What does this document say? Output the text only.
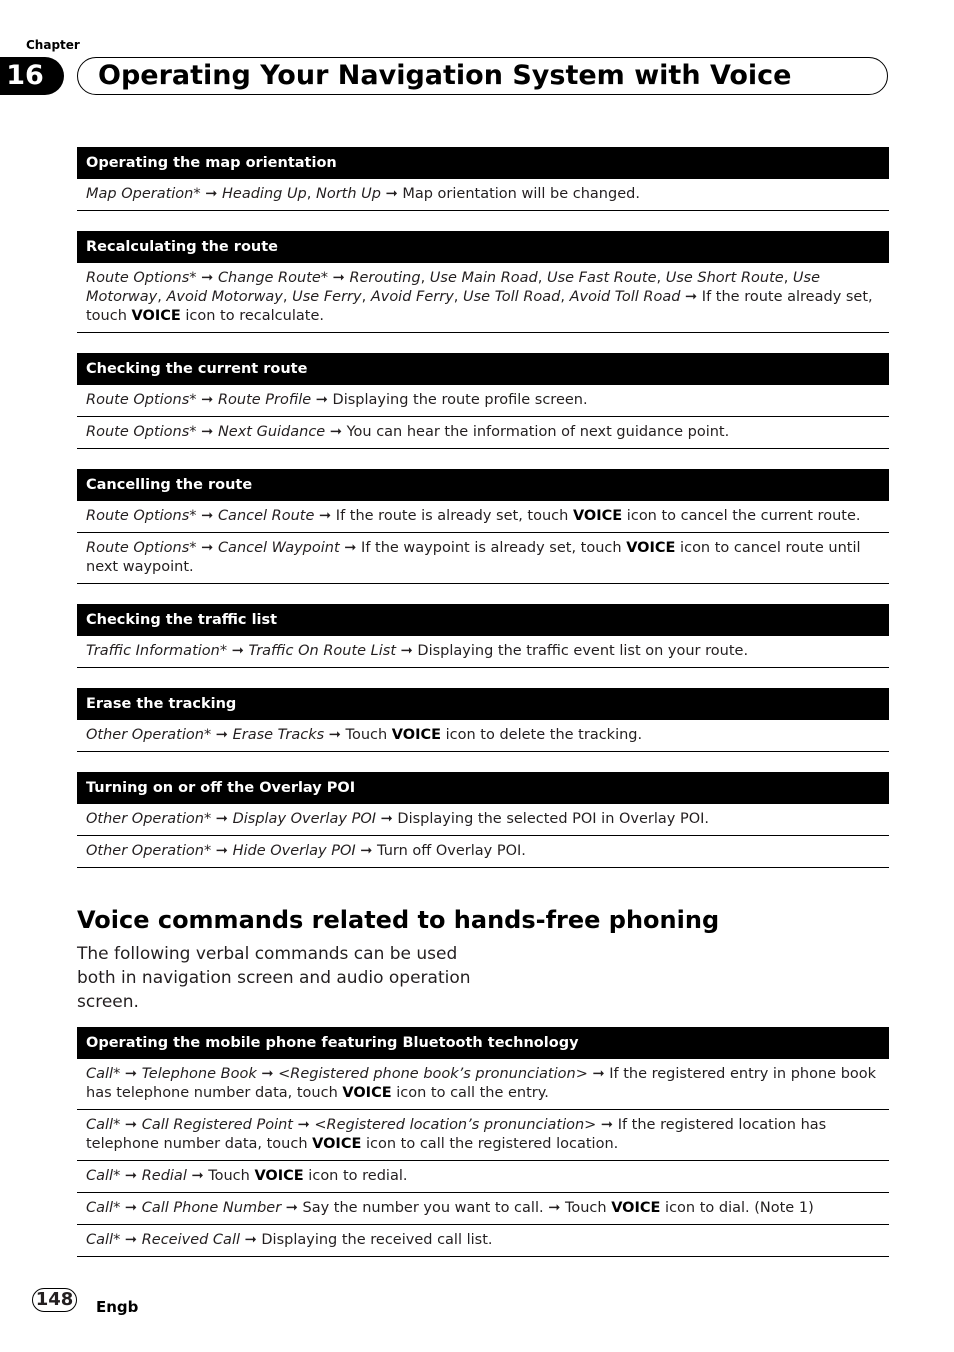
Chapter
16	Operating Your Navigation System with Voice
Operating the map orientation
Map Operation* ➞ Heading Up, North Up ➞ Map orientation will be changed.
Recalculating the route
Route Options* ➞ Change Route* ➞ Rerouting, Use Main Road, Use Fast Route, Use Short Route, Use Motorway, Avoid Motorway, Use Ferry, Avoid Ferry, Use Toll Road, Avoid Toll Road ➞ If the route already set, touch VOICE icon to recalculate.
Checking the current route
Route Options* ➞ Route Profile ➞ Displaying the route profile screen.
Route Options* ➞ Next Guidance ➞ You can hear the information of next guidance point.
Cancelling the route
Route Options* ➞ Cancel Route ➞ If the route is already set, touch VOICE icon to cancel the current route.
Route Options* ➞ Cancel Waypoint ➞ If the waypoint is already set, touch VOICE icon to cancel route until next waypoint.
Checking the traffic list
Traffic Information* ➞ Traffic On Route List ➞ Displaying the traffic event list on your route.
Erase the tracking
Other Operation* ➞ Erase Tracks ➞ Touch VOICE icon to delete the tracking.
Turning on or off the Overlay POI
Other Operation* ➞ Display Overlay POI ➞ Displaying the selected POI in Overlay POI.
Other Operation* ➞ Hide Overlay POI ➞ Turn off Overlay POI.
Voice commands related to hands-free phoning
The following verbal commands can be used both in navigation screen and audio operation screen.
Operating the mobile phone featuring Bluetooth technology
Call* ➞ Telephone Book ➞ <Registered phone book’s pronunciation> ➞ If the registered entry in phone book has telephone number data, touch VOICE icon to call the entry.
Call* ➞ Call Registered Point ➞ <Registered location’s pronunciation> ➞ If the registered location has telephone number data, touch VOICE icon to call the registered location.
Call* ➞ Redial ➞ Touch VOICE icon to redial.
Call* ➞ Call Phone Number ➞ Say the number you want to call. ➞ Touch VOICE icon to dial. (Note 1)
Call* ➞ Received Call ➞ Displaying the received call list.
148 Engb
